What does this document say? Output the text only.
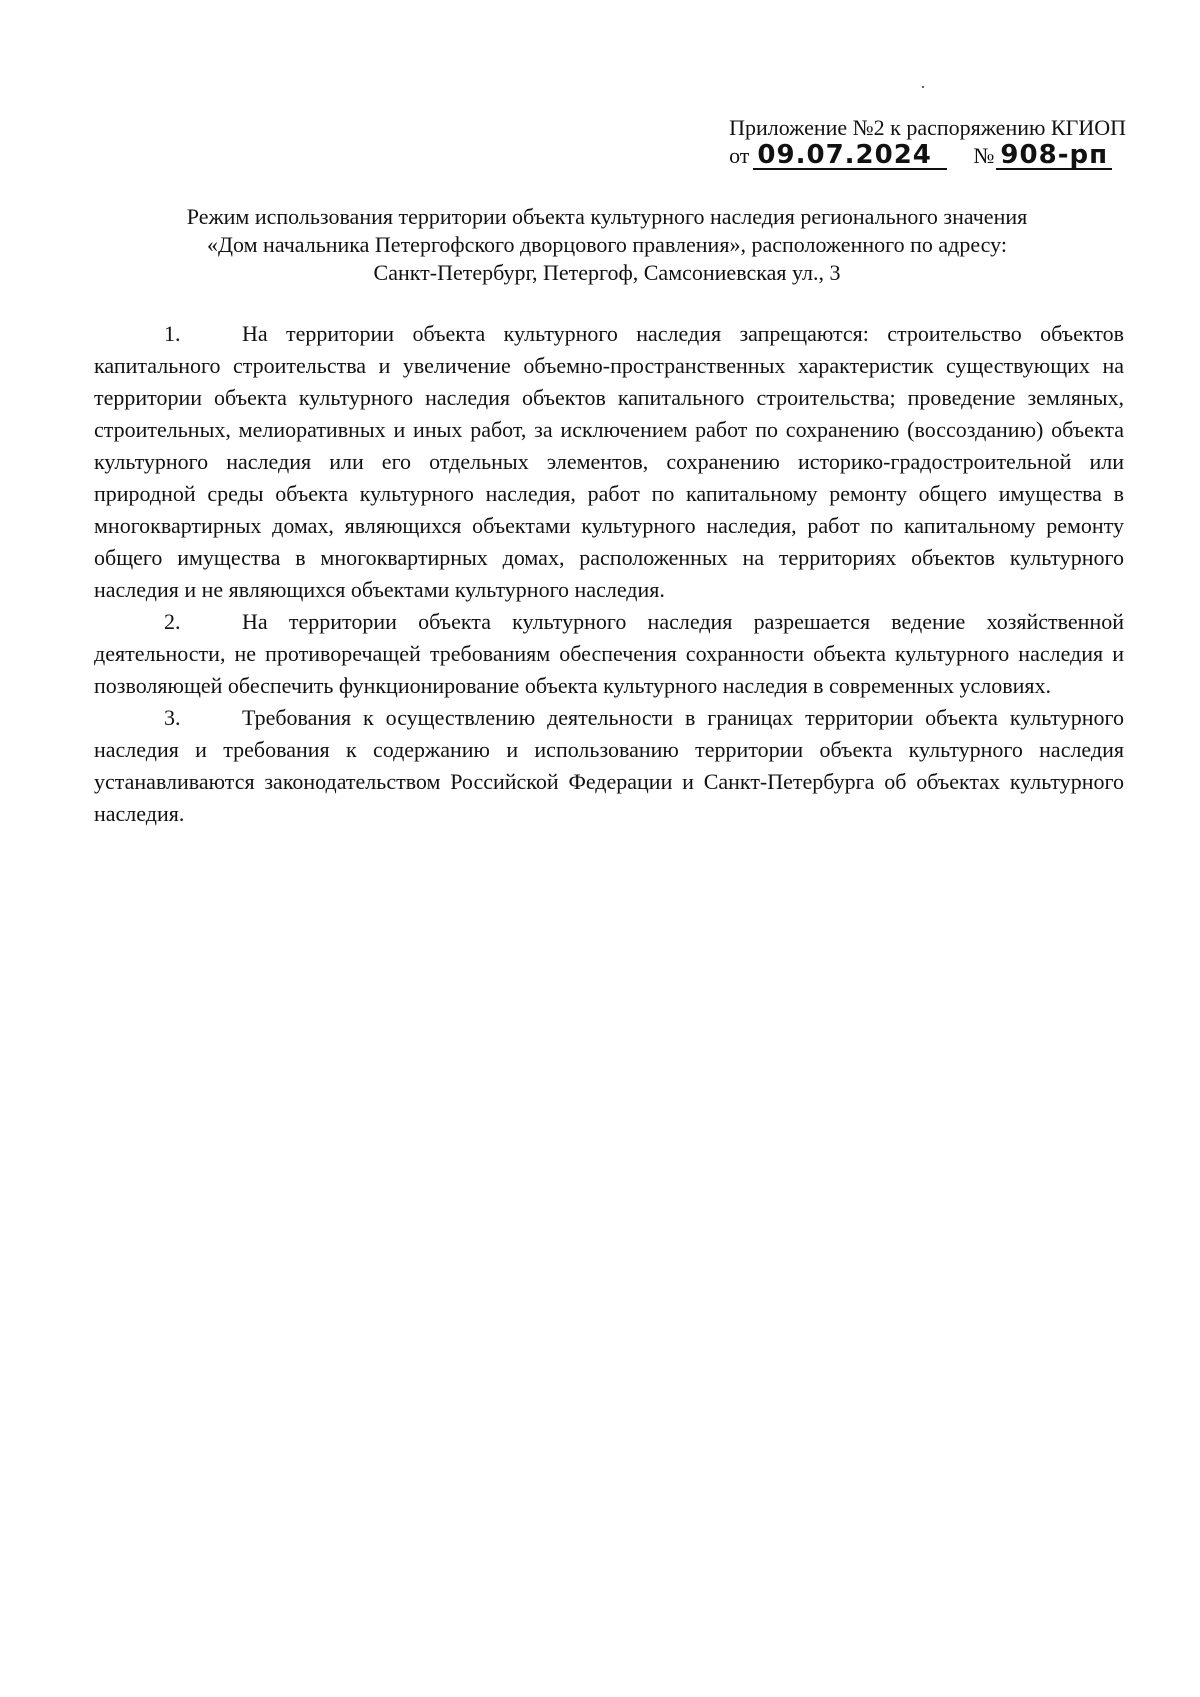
Приложение №2 к распоряжению КГИОП
от 09.07.2024	№ 908-рп
Режим использования территории объекта культурного наследия регионального значения
«Дом начальника Петергофского дворцового правления», расположенного по адресу:
Санкт-Петербург, Петергоф, Самсониевская ул., 3

1.	На территории объекта культурного наследия запрещаются: строительство объектов капитального строительства и увеличение объемно-пространственных характеристик существующих на территории объекта культурного наследия объектов капитального строительства; проведение земляных, строительных, мелиоративных и иных работ, за исключением работ по сохранению (воссозданию) объекта культурного наследия или его отдельных элементов, сохранению историко-градостроительной или природной среды объекта культурного наследия, работ по капитальному ремонту общего имущества в многоквартирных домах, являющихся объектами культурного наследия, работ по капитальному ремонту общего имущества в многоквартирных домах, расположенных на территориях объектов культурного наследия и не являющихся объектами культурного наследия.

2.	На территории объекта культурного наследия разрешается ведение хозяйственной деятельности, не противоречащей требованиям обеспечения сохранности объекта культурного наследия и позволяющей обеспечить функционирование объекта культурного наследия в современных условиях.

3.	Требования к осуществлению деятельности в границах территории объекта культурного наследия и требования к содержанию и использованию территории объекта культурного наследия устанавливаются законодательством Российской Федерации и Санкт-Петербурга об объектах культурного наследия.
